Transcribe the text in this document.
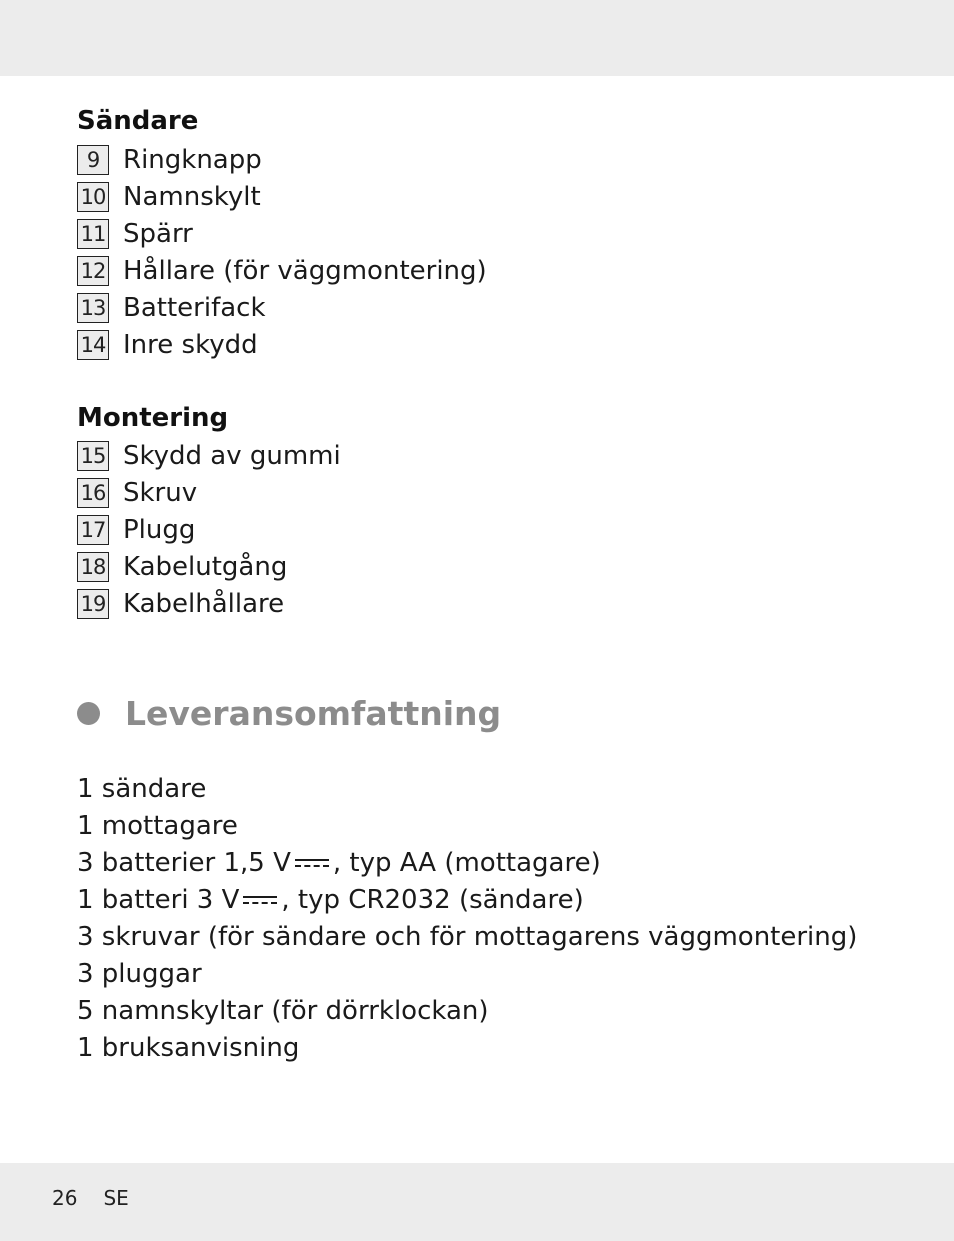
Sändare
9 Ringknapp
10 Namnskylt
11 Spärr
12 Hållare (för väggmontering)
13 Batterifack
14 Inre skydd
Montering
15 Skydd av gummi
16 Skruv
17 Plugg
18 Kabelutgång
19 Kabelhållare
Leveransomfattning
1 sändare
1 mottagare
3 batterier 1,5 V , typ AA (mottagare)
1 batteri 3 V , typ CR2032 (sändare)
3 skruvar (för sändare och för mottagarens väggmontering)
3 pluggar
5 namnskyltar (för dörrklockan)
1 bruksanvisning
26 SE
